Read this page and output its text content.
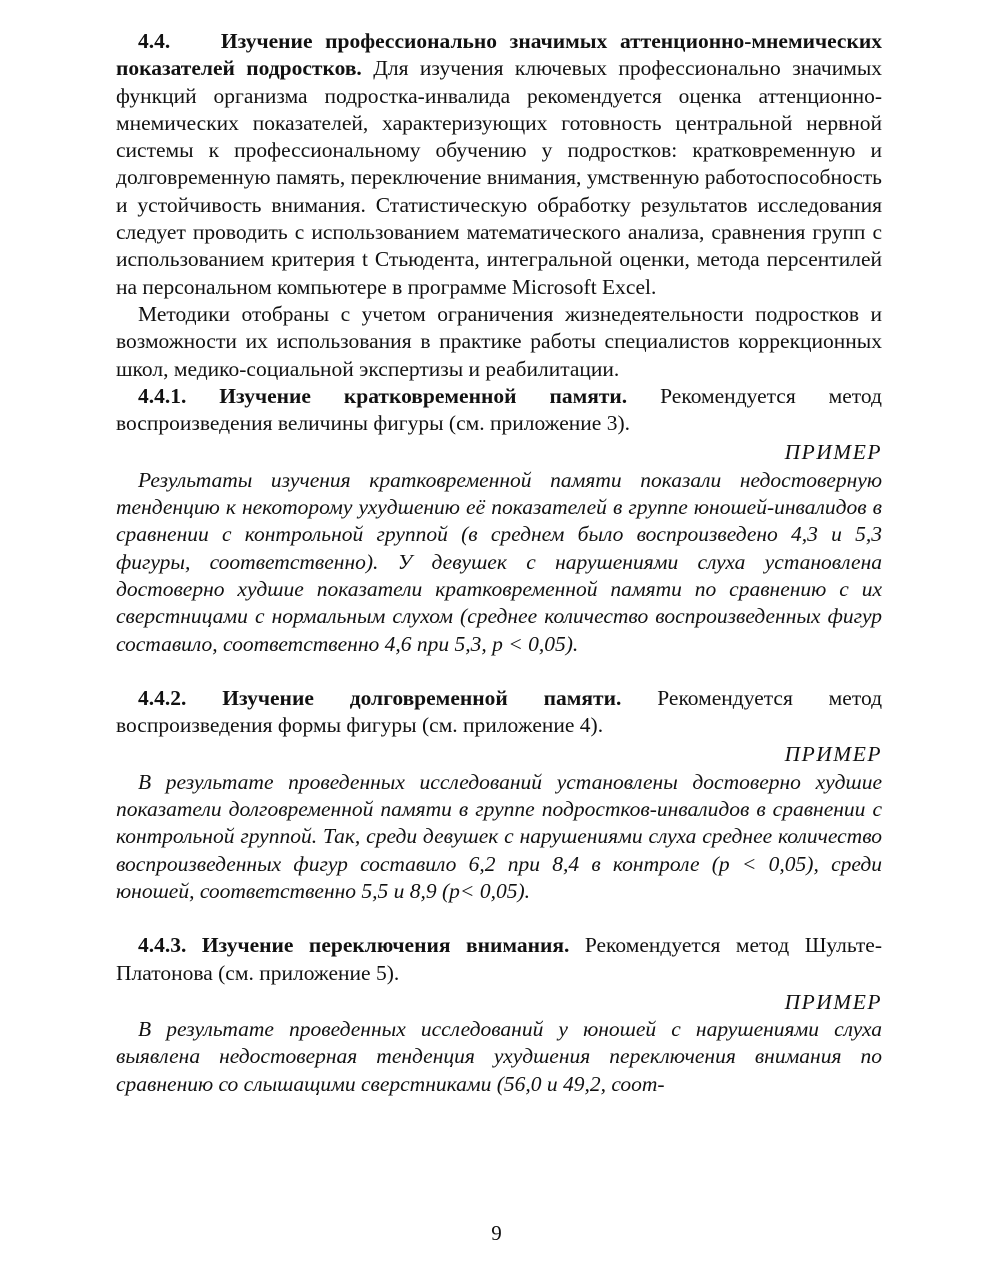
4.4. Изучение профессионально значимых аттенционно-мнемических показателей подростков. Для изучения ключевых профессионально значимых функций организма подростка-инвалида рекомендуется оценка аттенционно-мнемических показателей, характеризующих готовность центральной нервной системы к профессиональному обучению у подростков: кратковременную и долговременную память, переключение внимания, умственную работоспособность и устойчивость внимания. Статистическую обработку результатов исследования следует проводить с использованием математического анализа, сравнения групп с использованием критерия t Стьюдента, интегральной оценки, метода персентилей на персональном компьютере в программе Microsoft Excel.

Методики отобраны с учетом ограничения жизнедеятельности подростков и возможности их использования в практике работы специалистов коррекционных школ, медико-социальной экспертизы и реабилитации.

4.4.1. Изучение кратковременной памяти. Рекомендуется метод воспроизведения величины фигуры (см. приложение 3).

ПРИМЕР

Результаты изучения кратковременной памяти показали недостоверную тенденцию к некоторому ухудшению её показателей в группе юношей-инвалидов в сравнении с контрольной группой (в среднем было воспроизведено 4,3 и 5,3 фигуры, соответственно). У девушек с нарушениями слуха установлена достоверно худшие показатели кратковременной памяти по сравнению с их сверстницами с нормальным слухом (среднее количество воспроизведенных фигур составило, соответственно 4,6 при 5,3, р < 0,05).

4.4.2. Изучение долговременной памяти. Рекомендуется метод воспроизведения формы фигуры (см. приложение 4).

ПРИМЕР

В результате проведенных исследований установлены достоверно худшие показатели долговременной памяти в группе подростков-инвалидов в сравнении с контрольной группой. Так, среди девушек с нарушениями слуха среднее количество воспроизведенных фигур составило 6,2 при 8,4 в контроле (р < 0,05), среди юношей, соответственно 5,5 и 8,9 (р< 0,05).

4.4.3. Изучение переключения внимания. Рекомендуется метод Шульте-Платонова (см. приложение 5).

ПРИМЕР

В результате проведенных исследований у юношей с нарушениями слуха выявлена недостоверная тенденция ухудшения переключения внимания по сравнению со слышащими сверстниками (56,0 и 49,2, соот-

9
